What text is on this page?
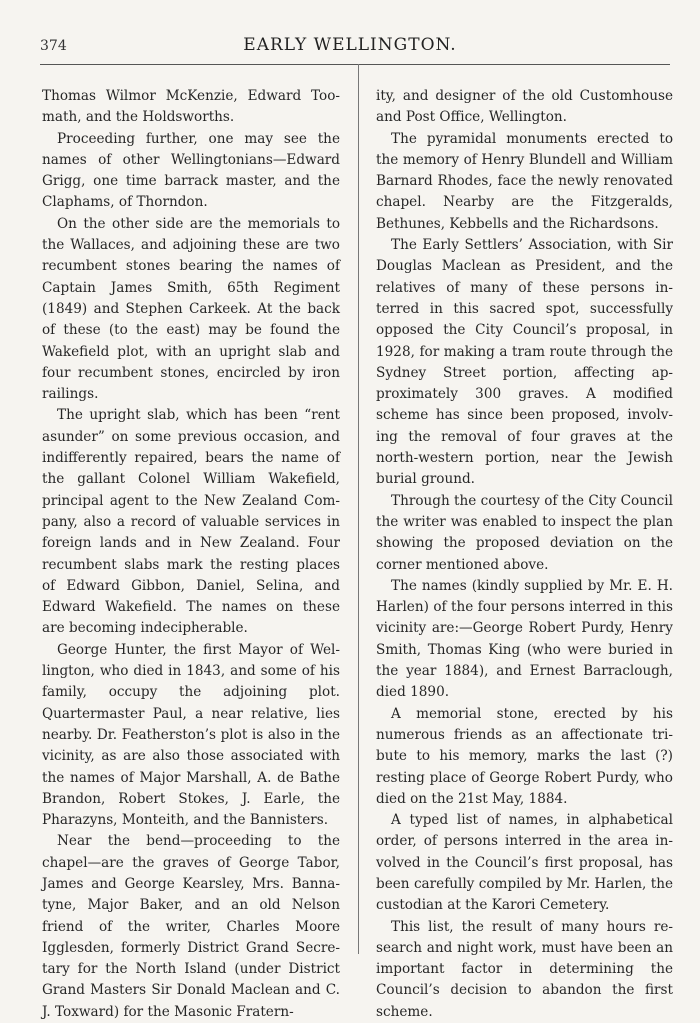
374	EARLY WELLINGTON.

Thomas Wilmor McKenzie, Edward Toomath, and the Holdsworths.

Proceeding further, one may see the names of other Wellingtonians—Edward Grigg, one time barrack master, and the Claphams, of Thorndon.

On the other side are the memorials to the Wallaces, and adjoining these are two recumbent stones bearing the names of Captain James Smith, 65th Regiment (1849) and Stephen Carkeek. At the back of these (to the east) may be found the Wakefield plot, with an upright slab and four recumbent stones, encircled by iron railings.

The upright slab, which has been “rent asunder” on some previous occasion, and indifferently repaired, bears the name of the gallant Colonel William Wakefield, principal agent to the New Zealand Company, also a record of valuable services in foreign lands and in New Zealand. Four recumbent slabs mark the resting places of Edward Gibbon, Daniel, Selina, and Edward Wakefield. The names on these are becoming indecipherable.

George Hunter, the first Mayor of Wellington, who died in 1843, and some of his family, occupy the adjoining plot. Quartermaster Paul, a near relative, lies nearby. Dr. Featherston’s plot is also in the vicinity, as are also those associated with the names of Major Marshall, A. de Bathe Brandon, Robert Stokes, J. Earle, the Pharazyns, Monteith, and the Bannisters.

Near the bend—proceeding to the chapel—are the graves of George Tabor, James and George Kearsley, Mrs. Bannatyne, Major Baker, and an old Nelson friend of the writer, Charles Moore Igglesden, formerly District Grand Secretary for the North Island (under District Grand Masters Sir Donald Maclean and C. J. Toxward) for the Masonic Fratern-

ity, and designer of the old Customhouse and Post Office, Wellington.

The pyramidal monuments erected to the memory of Henry Blundell and William Barnard Rhodes, face the newly renovated chapel. Nearby are the Fitzgeralds, Bethunes, Kebbells and the Richardsons.

The Early Settlers’ Association, with Sir Douglas Maclean as President, and the relatives of many of these persons interred in this sacred spot, successfully opposed the City Council’s proposal, in 1928, for making a tram route through the Sydney Street portion, affecting approximately 300 graves. A modified scheme has since been proposed, involving the removal of four graves at the north-western portion, near the Jewish burial ground.

Through the courtesy of the City Council the writer was enabled to inspect the plan showing the proposed deviation on the corner mentioned above.

The names (kindly supplied by Mr. E. H. Harlen) of the four persons interred in this vicinity are:—George Robert Purdy, Henry Smith, Thomas King (who were buried in the year 1884), and Ernest Barraclough, died 1890.

A memorial stone, erected by his numerous friends as an affectionate tribute to his memory, marks the last (?) resting place of George Robert Purdy, who died on the 21st May, 1884.

A typed list of names, in alphabetical order, of persons interred in the area involved in the Council’s first proposal, has been carefully compiled by Mr. Harlen, the custodian at the Karori Cemetery.

This list, the result of many hours research and night work, must have been an important factor in determining the Council’s decision to abandon the first scheme.
